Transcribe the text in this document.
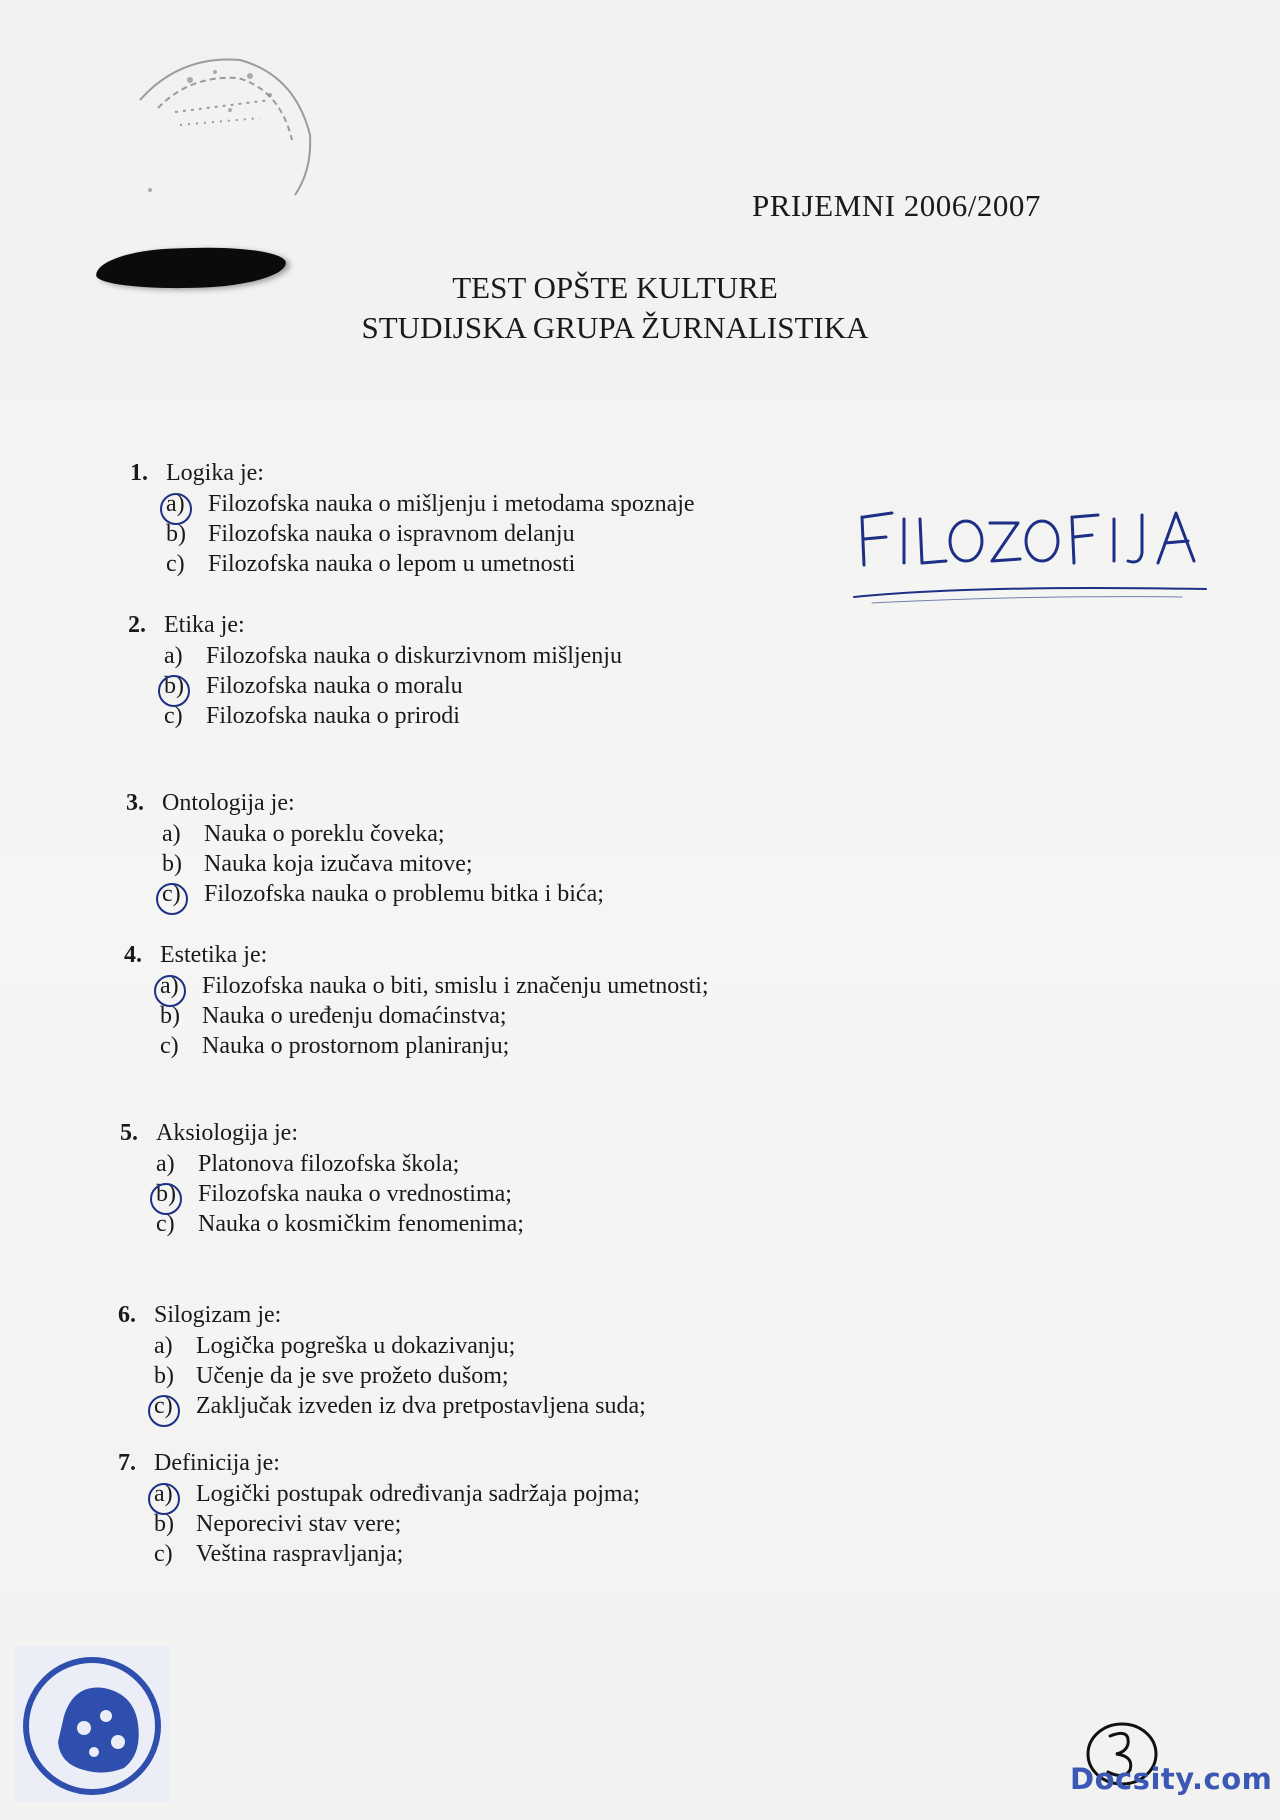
PRIJEMNI 2006/2007
TEST OPŠTE KULTURE
STUDIJSKA GRUPA ŽURNALISTIKA
1. Logika je:
a) Filozofska nauka o mišljenju i metodama spoznaje
b) Filozofska nauka o ispravnom delanju
c) Filozofska nauka o lepom u umetnosti
2. Etika je:
a) Filozofska nauka o diskurzivnom mišljenju
b) Filozofska nauka o moralu
c) Filozofska nauka o prirodi
3. Ontologija je:
a) Nauka o poreklu čoveka;
b) Nauka koja izučava mitove;
c) Filozofska nauka o problemu bitka i bića;
4. Estetika je:
a) Filozofska nauka o biti, smislu i značenju umetnosti;
b) Nauka o uređenju domaćinstva;
c) Nauka o prostornom planiranju;
5. Aksiologija je:
a) Platonova filozofska škola;
b) Filozofska nauka o vrednostima;
c) Nauka o kosmičkim fenomenima;
6. Silogizam je:
a) Logička pogreška u dokazivanju;
b) Učenje da je sve prožeto dušom;
c) Zaključak izveden iz dva pretpostavljena suda;
7. Definicija je:
a) Logički postupak određivanja sadržaja pojma;
b) Neporecivi stav vere;
c) Veština raspravljanja;
Docsity.com
